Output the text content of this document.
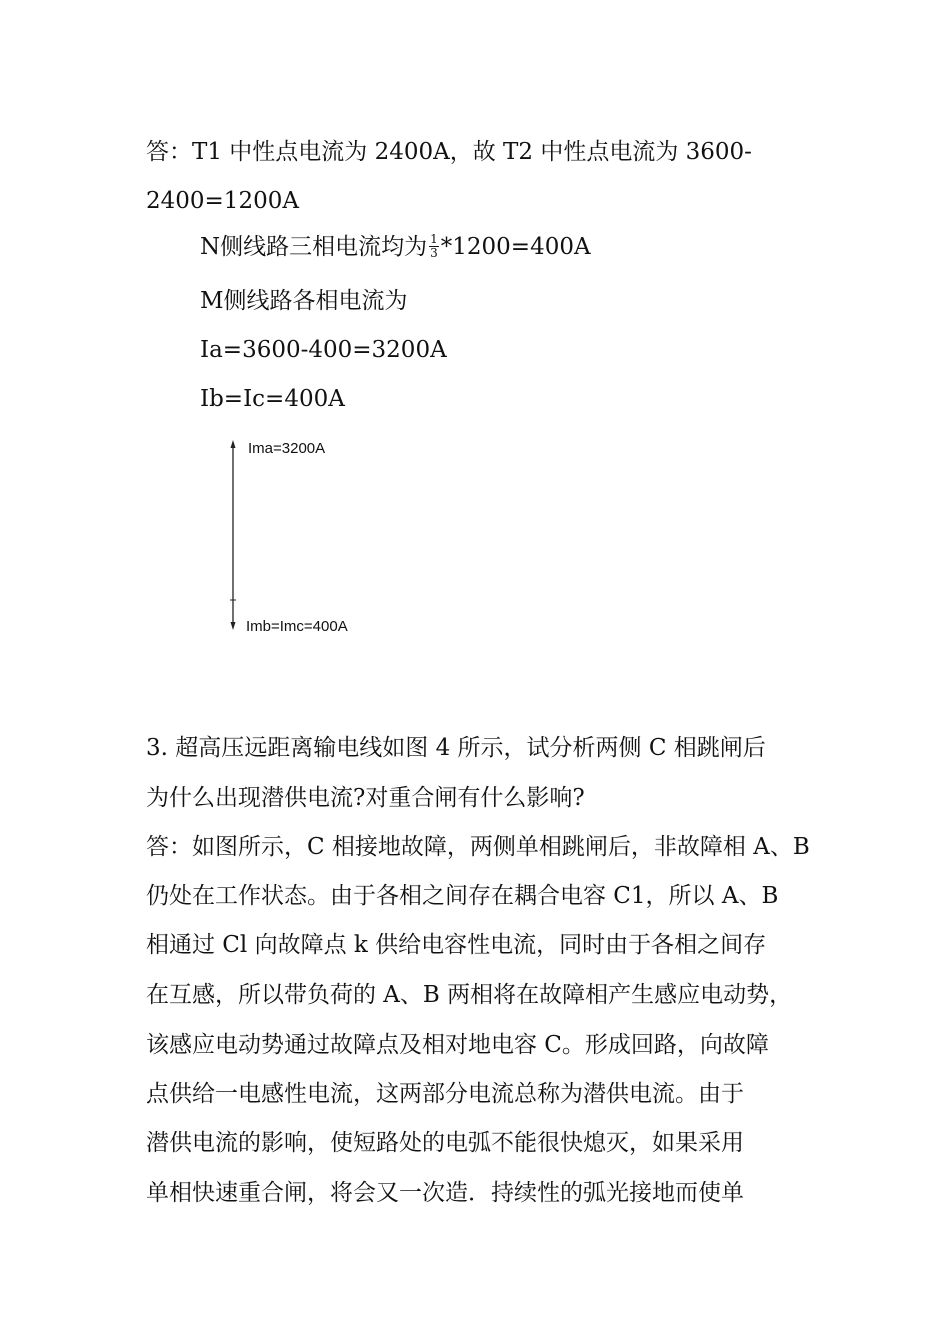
答：T1 中性点电流为 2400A，故 T2 中性点电流为 3600-
2400=1200A
N侧线路三相电流均为 $\frac{1}{3} *1200=400A$
M侧线路各相电流为
Ia=3600-400=3200A
Ib=Ic=400A
Ima=3200A
Imb=Imc=400A
3. 超高压远距离输电线如图 4 所示，试分析两侧 C 相跳闸后
为什么出现潜供电流?对重合闸有什么影响?
答：如图所示，C 相接地故障，两侧单相跳闸后，非故障相 A、B
仍处在工作状态。由于各相之间存在耦合电容 C1，所以 A、B
相通过 Cl 向故障点 k 供给电容性电流，同时由于各相之间存
在互感，所以带负荷的 A、B 两相将在故障相产生感应电动势，
该感应电动势通过故障点及相对地电容 C。形成回路，向故障
点供给一电感性电流，这两部分电流总称为潜供电流。由于
潜供电流的影响，使短路处的电弧不能很快熄灭，如果采用
单相快速重合闸，将会又一次造．持续性的弧光接地而使单
